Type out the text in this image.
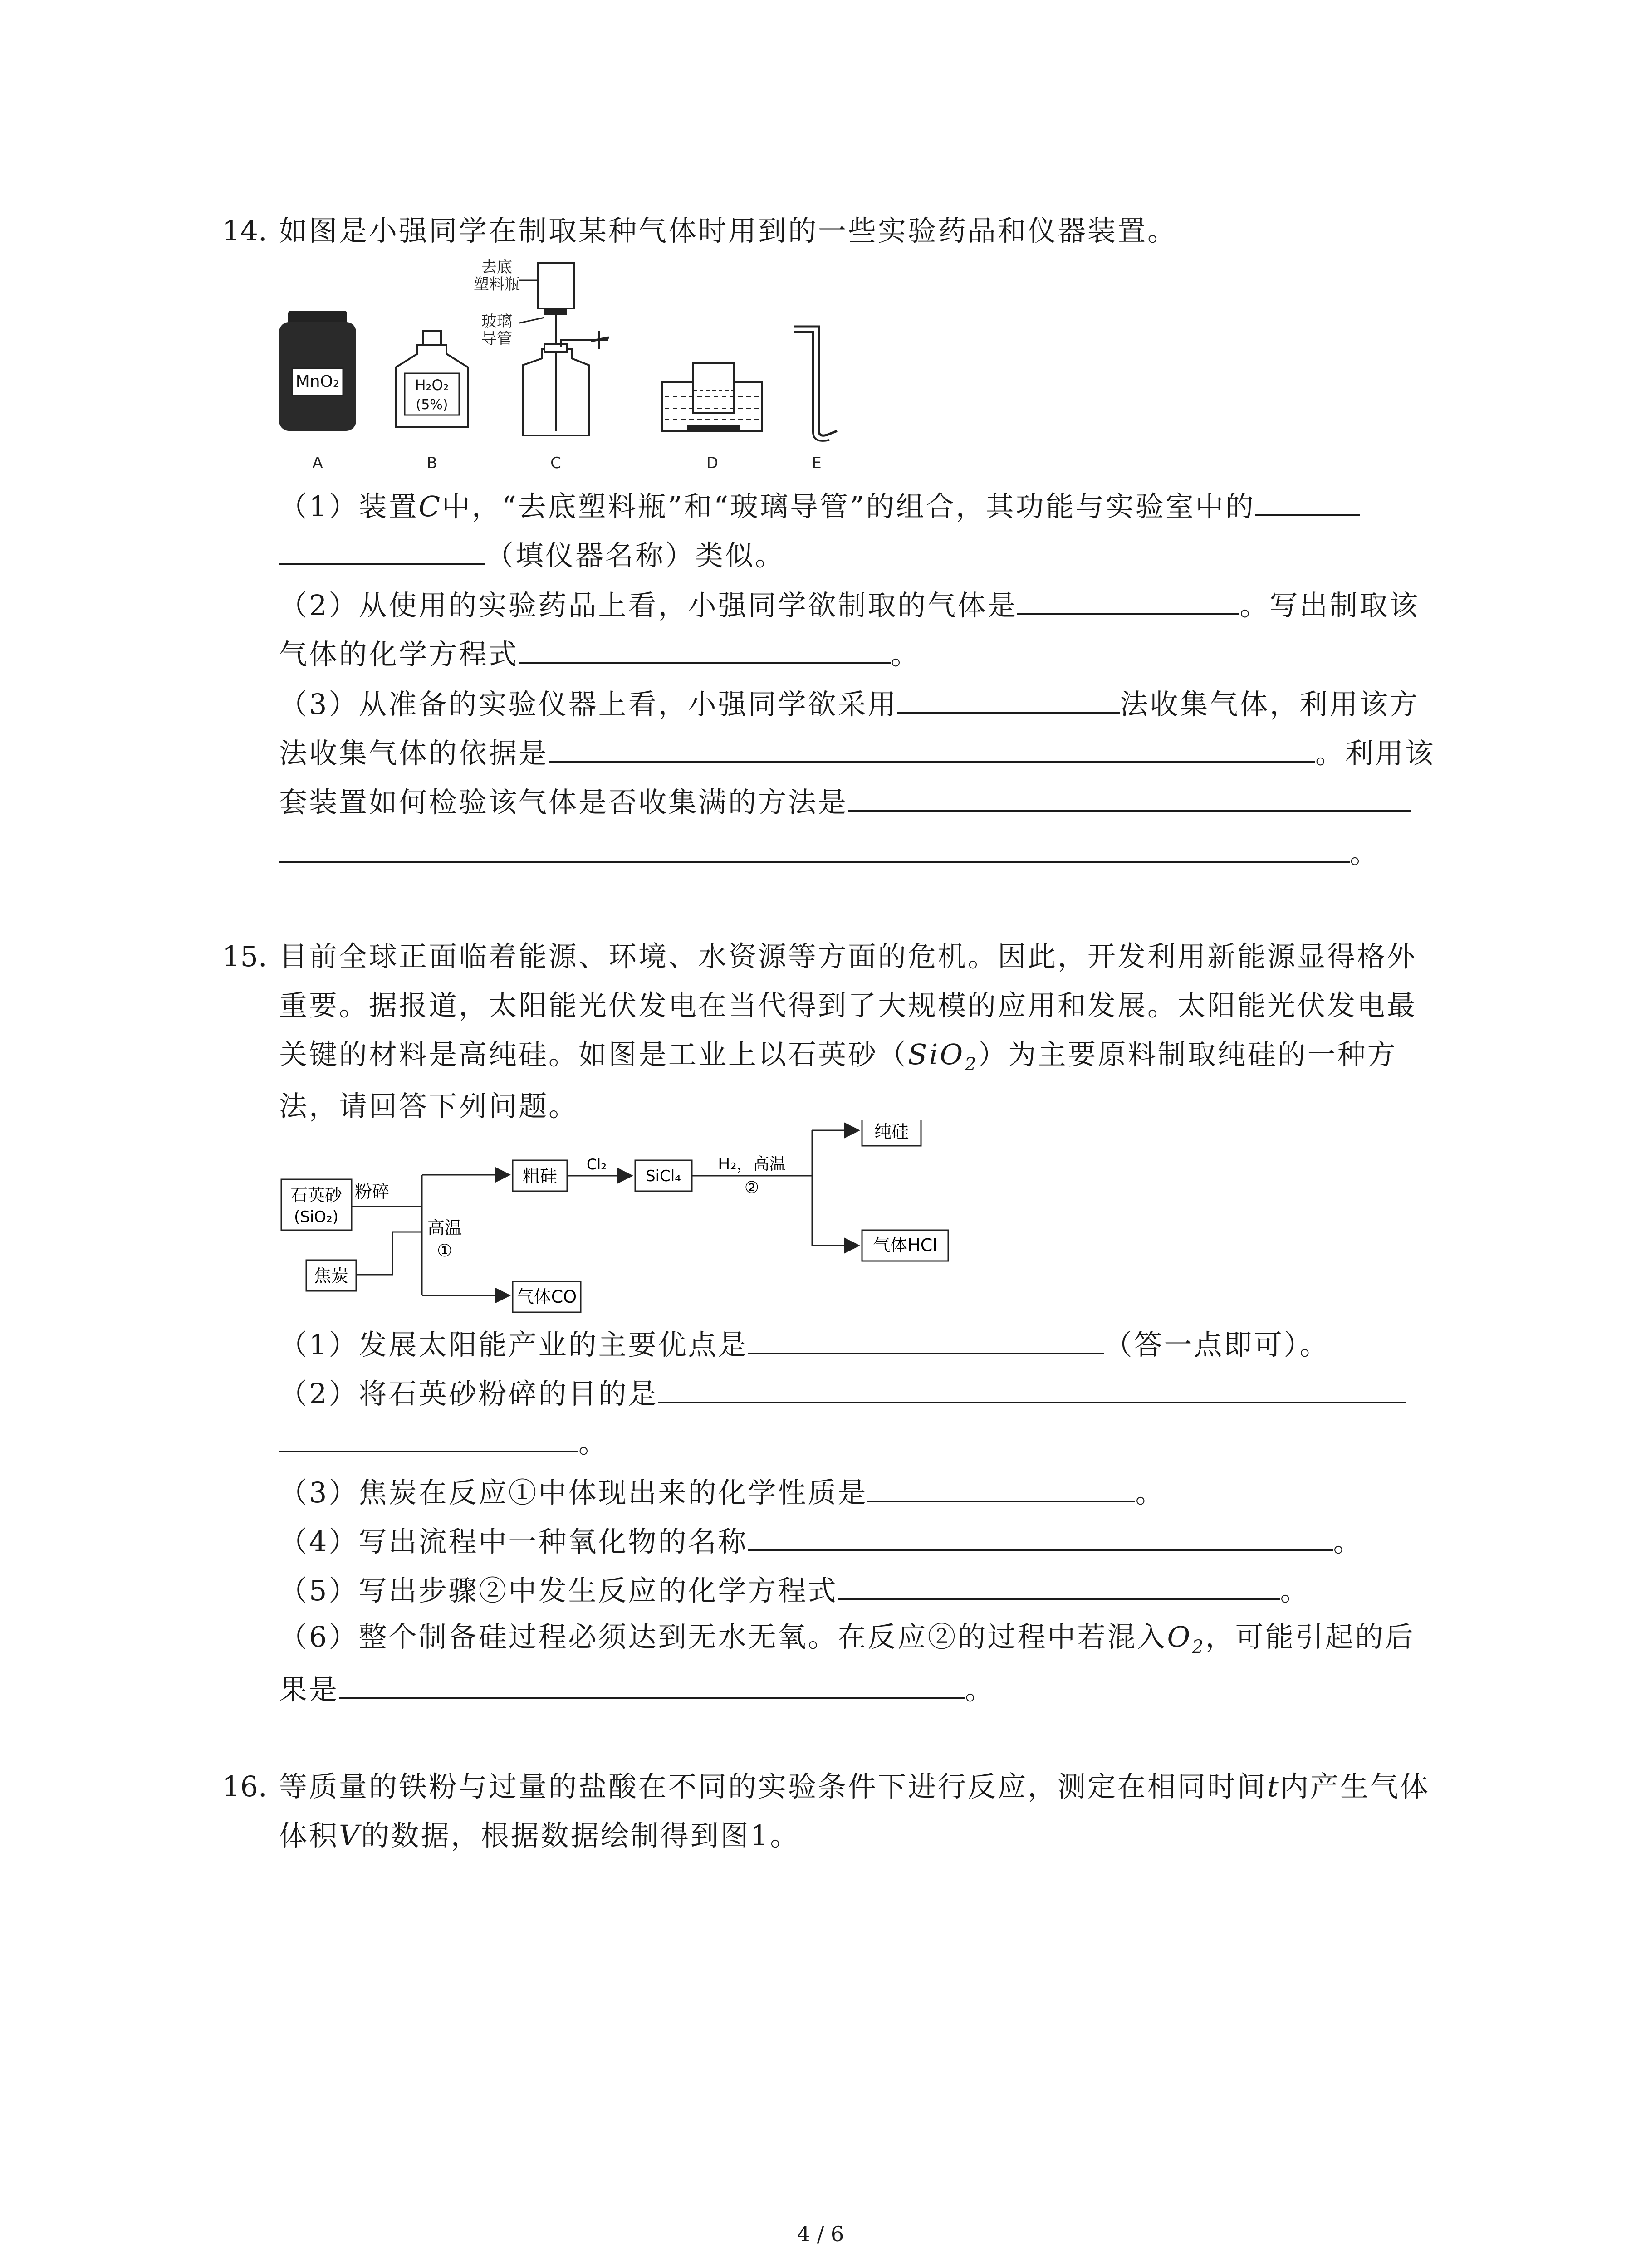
14. 如图是小强同学在制取某种气体时用到的一些实验药品和仪器装置。
MnO₂
A
H₂O₂
(5%)
B
去底
塑料瓶
玻璃
导管
C	D	E
（1）装置C中，“去底塑料瓶”和“玻璃导管”的组合，其功能与实验室中的
（填仪器名称）类似。
（2）从使用的实验药品上看，小强同学欲制取的气体是	。写出制取该
气体的化学方程式	。
（3）从准备的实验仪器上看，小强同学欲采用	法收集气体，利用该方
法收集气体的依据是	。利用该
套装置如何检验该气体是否收集满的方法是
。
15. 目前全球正面临着能源、环境、水资源等方面的危机。因此，开发利用新能源显得格外
重要。据报道，太阳能光伏发电在当代得到了大规模的应用和发展。太阳能光伏发电最
关键的材料是高纯硅。如图是工业上以石英砂（SiO$_2$）为主要原料制取纯硅的一种方
法，请回答下列问题。
石英砂
(SiO₂)
粉碎
焦炭
高温
①
粗硅
Cl₂
SiCl₄
H₂，高温
②
纯硅
气体HCl
气体CO
（1）发展太阳能产业的主要优点是	（答一点即可）。
（2）将石英砂粉碎的目的是
。
（3）焦炭在反应①中体现出来的化学性质是	。
（4）写出流程中一种氧化物的名称	。
（5）写出步骤②中发生反应的化学方程式	。
（6）整个制备硅过程必须达到无水无氧。在反应②的过程中若混入$O_2$，可能引起的后
果是	。
16. 等质量的铁粉与过量的盐酸在不同的实验条件下进行反应，测定在相同时间t内产生气体
体积V的数据，根据数据绘制得到图1。
4 / 6
